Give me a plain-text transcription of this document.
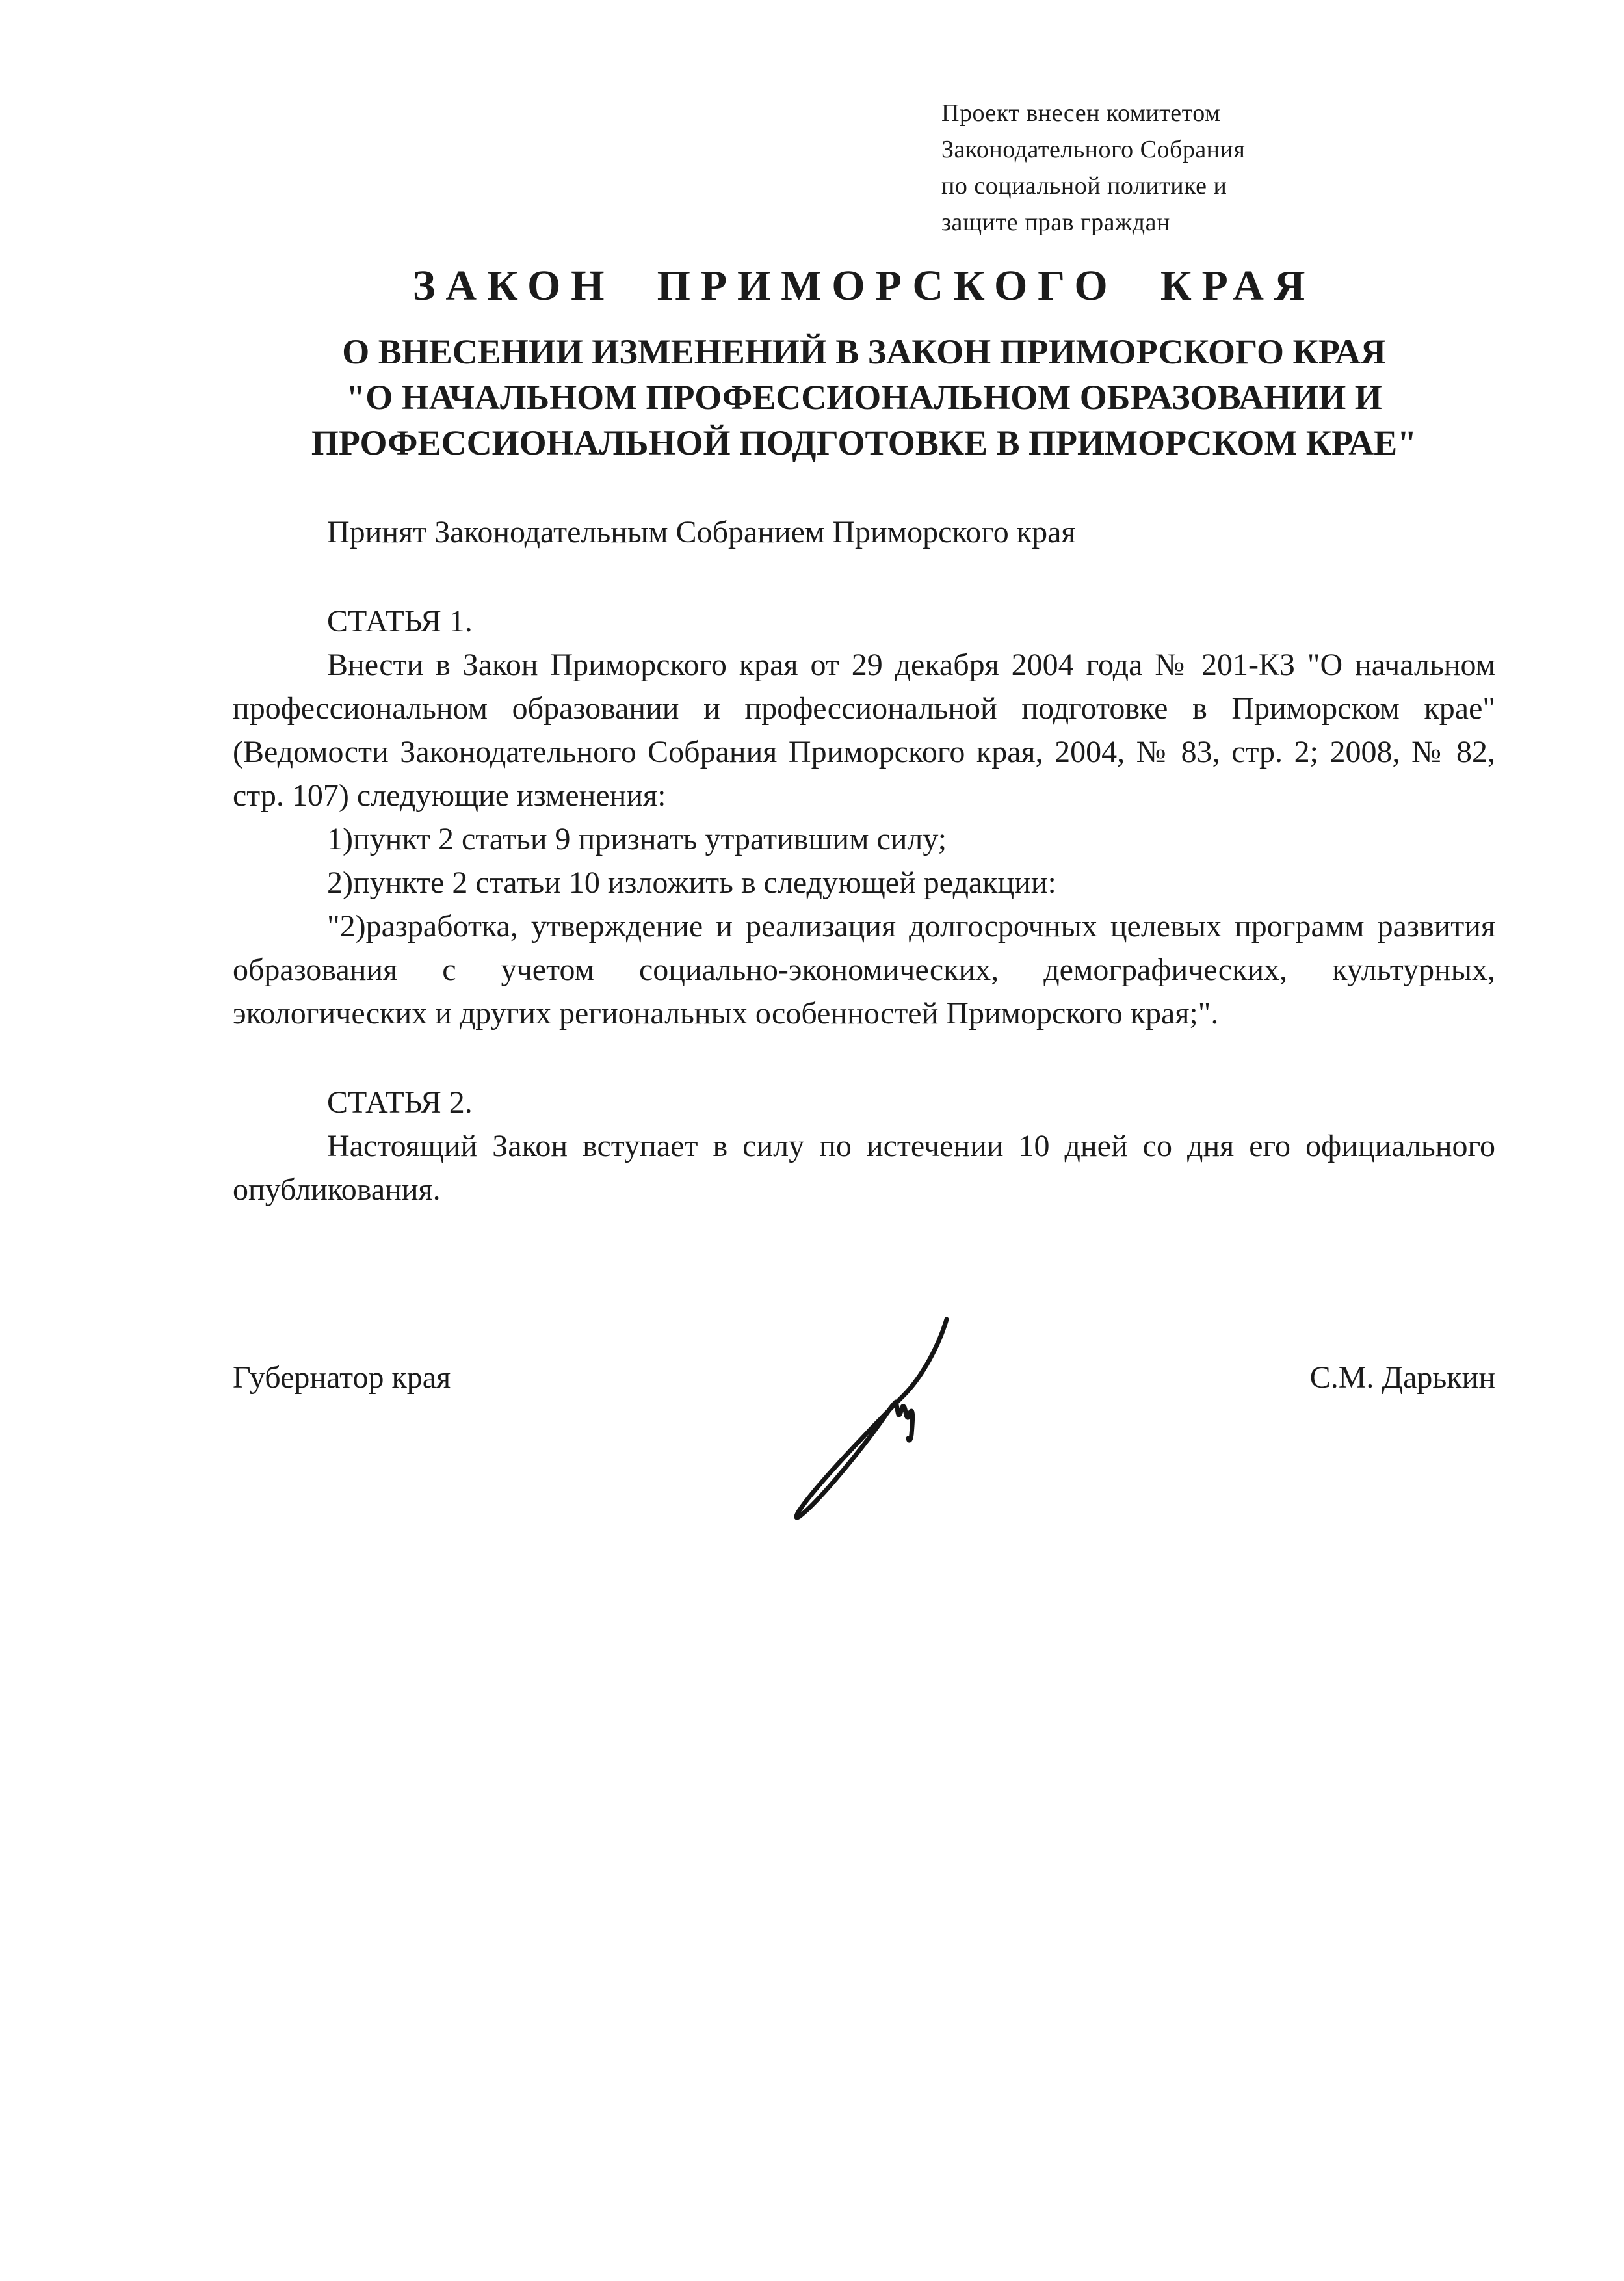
Проект внесен комитетом
Законодательного Собрания
по социальной политике и
защите прав граждан
ЗАКОН ПРИМОРСКОГО КРАЯ
О ВНЕСЕНИИ ИЗМЕНЕНИЙ В ЗАКОН ПРИМОРСКОГО КРАЯ
"О НАЧАЛЬНОМ ПРОФЕССИОНАЛЬНОМ ОБРАЗОВАНИИ И
ПРОФЕССИОНАЛЬНОЙ ПОДГОТОВКЕ В ПРИМОРСКОМ КРАЕ"

Принят Законодательным Собранием Приморского края

СТАТЬЯ 1.

Внести в Закон Приморского края от 29 декабря 2004 года № 201-КЗ "О начальном профессиональном образовании и профессиональной подготовке в Приморском крае" (Ведомости Законодательного Собрания Приморского края, 2004, № 83, стр. 2; 2008, № 82, стр. 107) следующие изменения:

1)пункт 2 статьи 9 признать утратившим силу;

2)пункте 2 статьи 10 изложить в следующей редакции:

"2)разработка, утверждение и реализация долгосрочных целевых программ развития образования с учетом социально-экономических, демографических, культурных, экологических и других региональных особенностей Приморского края;".

СТАТЬЯ 2.

Настоящий Закон вступает в силу по истечении 10 дней со дня его официального опубликования.

Губернатор края	С.М. Дарькин
